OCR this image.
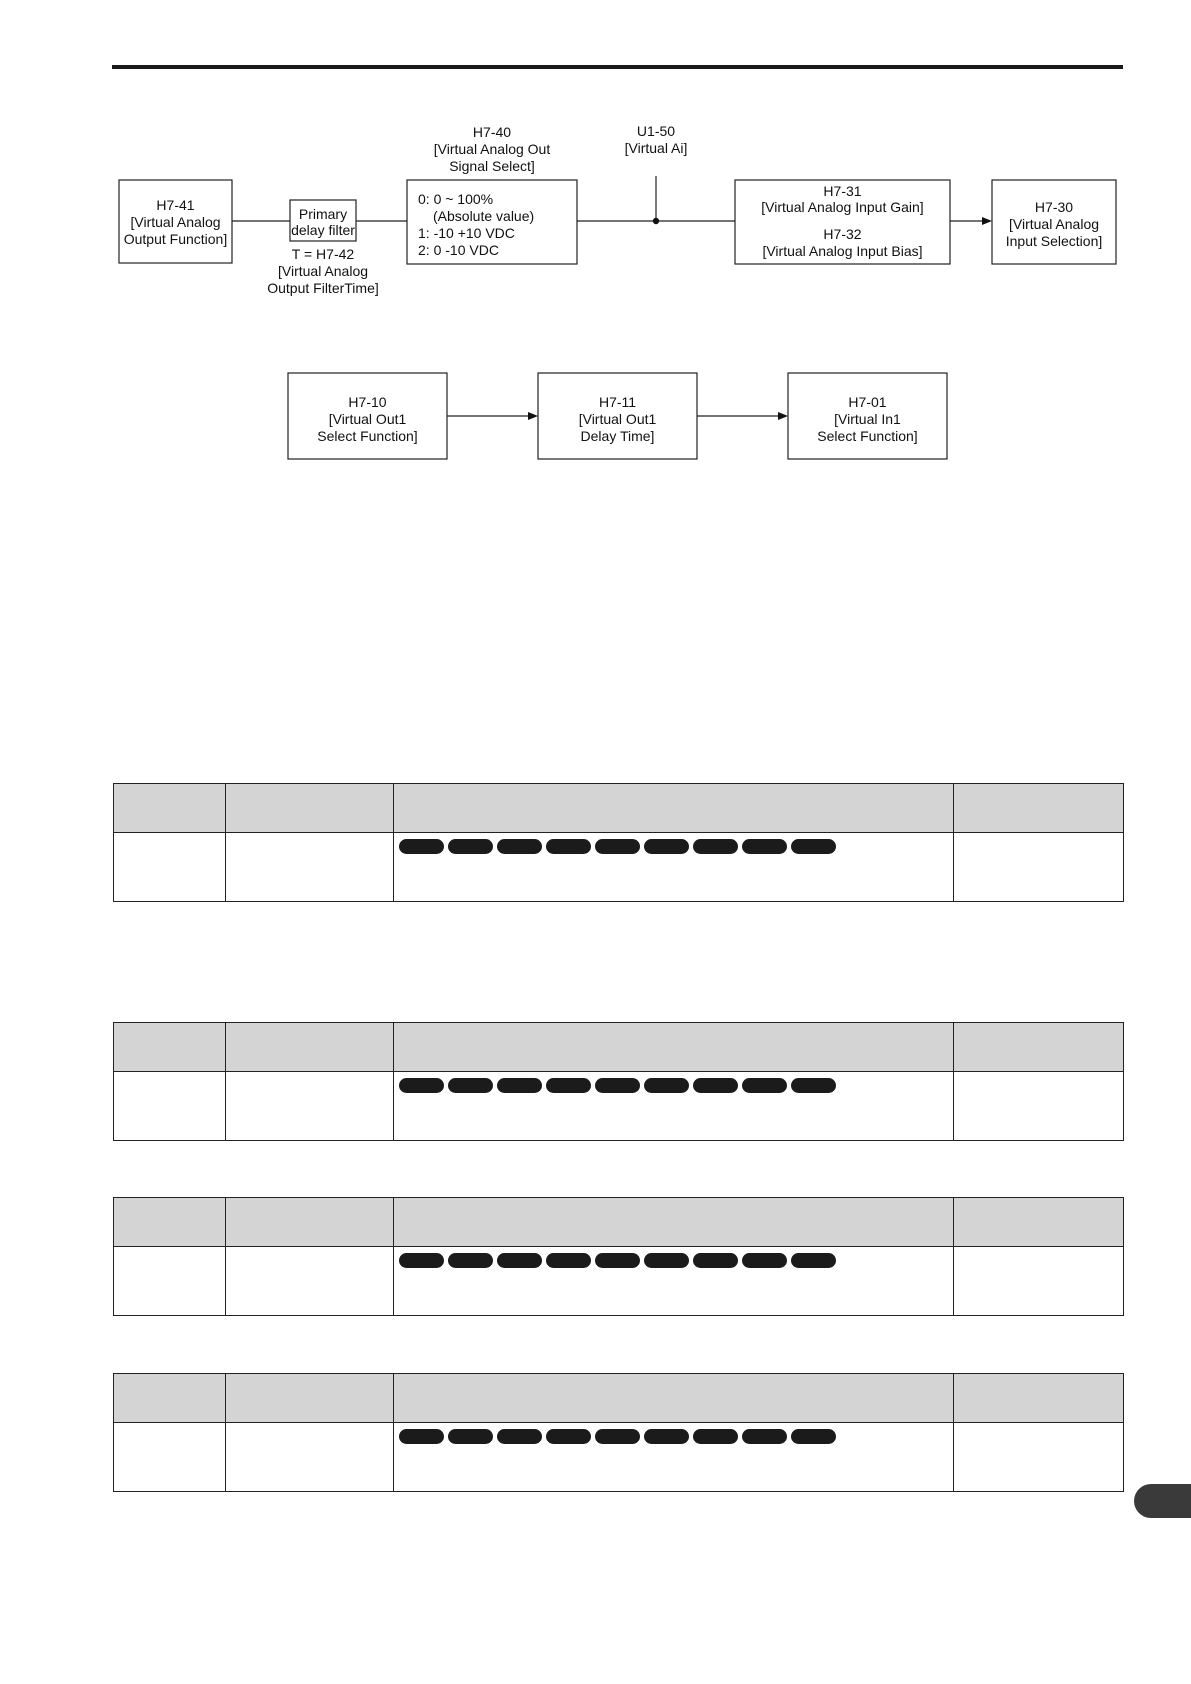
H7-41
[Virtual Analog
Output Function]
Primary
delay filter
T = H7-42
[Virtual Analog
Output FilterTime]
H7-40
[Virtual Analog Out
Signal Select]
0: 0 ~ 100%
(Absolute value)
1: -10 +10 VDC
2: 0 -10 VDC
U1-50
[Virtual Ai]
H7-31
[Virtual Analog Input Gain]
H7-32
[Virtual Analog Input Bias]
H7-30
[Virtual Analog
Input Selection]
H7-10
[Virtual Out1
Select Function]
H7-11
[Virtual Out1
Delay Time]
H7-01
[Virtual In1
Select Function]
